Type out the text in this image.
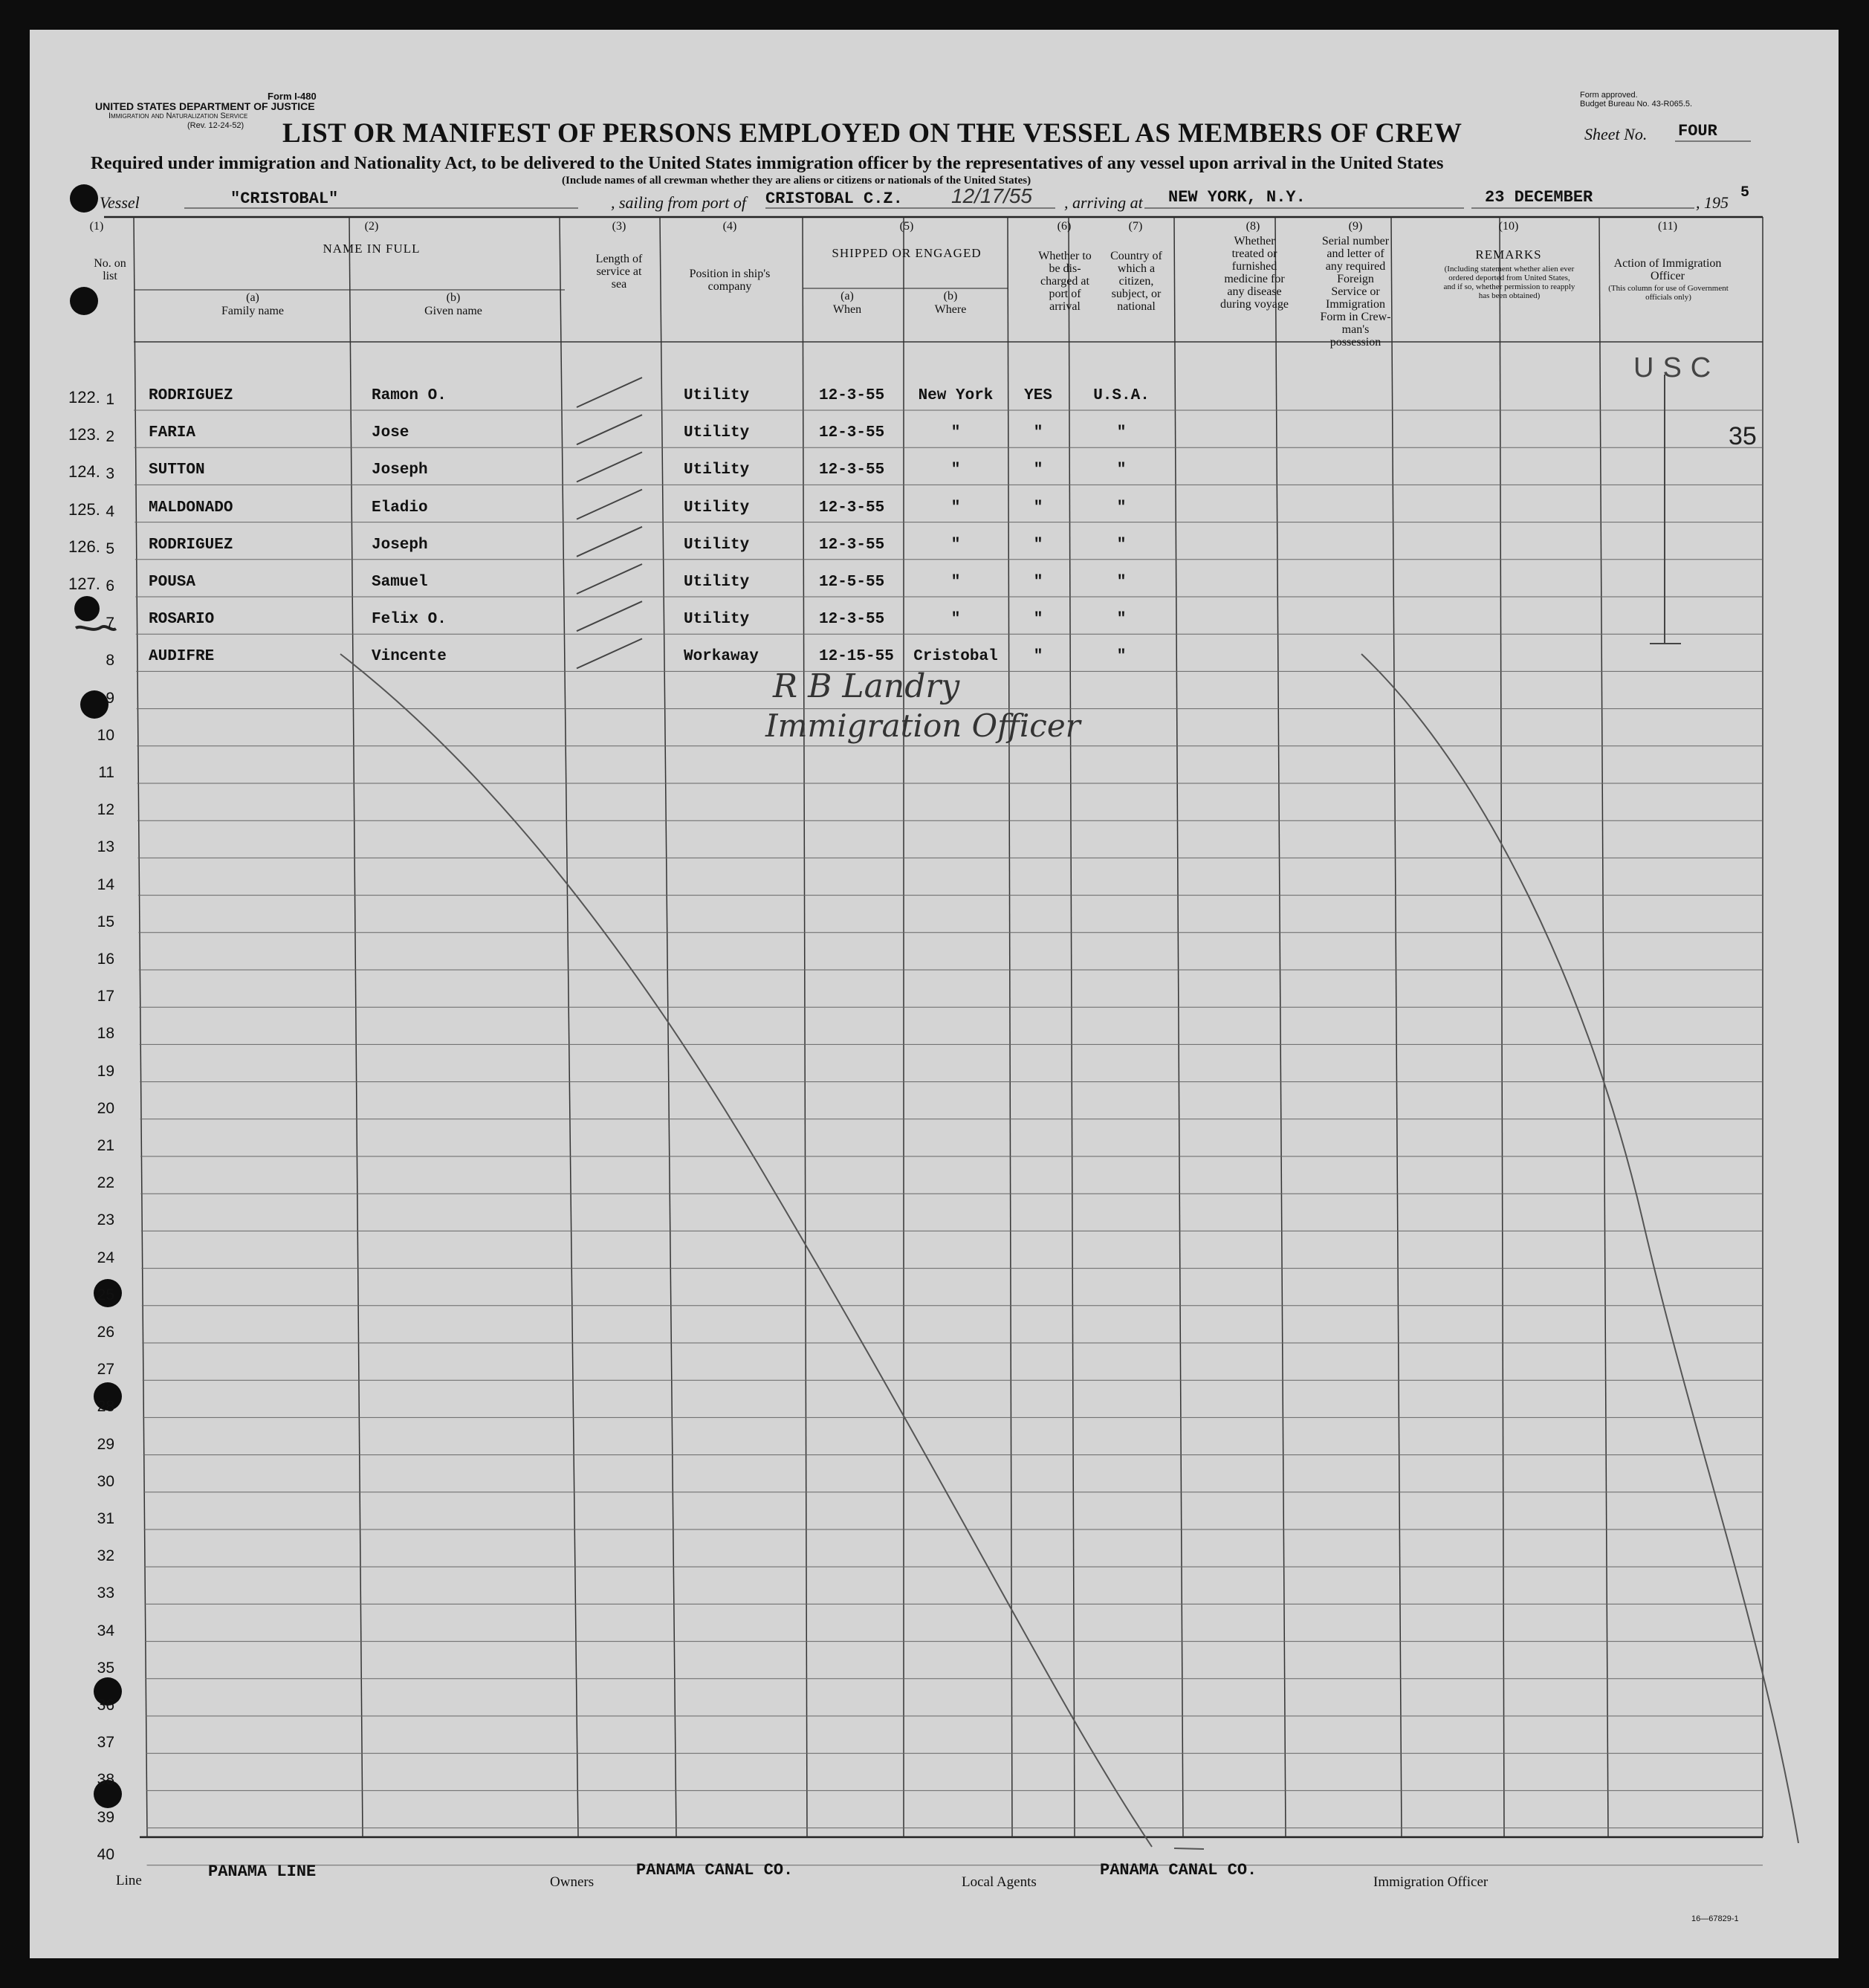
Form I-480
UNITED STATES DEPARTMENT OF JUSTICE
Immigration and Naturalization Service
(Rev. 12-24-52)
Form approved.
Budget Bureau No. 43-R065.5.
LIST OR MANIFEST OF PERSONS EMPLOYED ON THE VESSEL AS MEMBERS OF CREW	Sheet No. FOUR
Required under immigration and Nationality Act, to be delivered to the United States immigration officer by the representatives of any vessel upon arrival in the United States
(Include names of all crewman whether they are aliens or citizens or nationals of the United States)
Vessel	"CRISTOBAL"	, sailing from port of CRISTOBAL C.Z. 12/17/55 , arriving at NEW YORK, N.Y.	23 DECEMBER	, 195
5
(1)
No. on list
(2)
NAME IN FULL
(a)
Family name
(b)
Given name
(3)
Length of service at sea
(4)
Position in ship's company
(5)
SHIPPED OR ENGAGED
(a)
When
(b)
Where
(6)
Whether to be dis-charged at port of arrival
(7)
Country of which a citizen, subject, or national
(8)
Whether treated or furnished medicine for any disease during voyage
(9)
Serial number and letter of any required Foreign Service or Immigration Form in Crew-man's possession
(10)
REMARKS
(Including statement whether alien ever ordered deported from United States, and if so, whether permission to reapply has been obtained)
(11)
Action of Immigration Officer
(This column for use of Government officials only)
122. 1 RODRIGUEZ	Ramon O.	Utility	12-3-55	New York	YES	U.S.A.
123. 2 FARIA	Jose	Utility	12-3-55	"	"	"
124. 3 SUTTON	Joseph	Utility	12-3-55	"	"	"
125. 4 MALDONADO	Eladio	Utility	12-3-55	"	"	"
126. 5 RODRIGUEZ	Joseph	Utility	12-3-55	"	"	"
127. 6 POUSA	Samuel	Utility	12-5-55	"	"	"
7 ROSARIO	Felix O.	Utility	12-3-55	"	"	"
8 AUDIFRE	Vincente	Workaway	12-15-55	Cristobal	"	"
9
10
11
12
13
14
15
16
17
18
19
20
21
22
23
24
25
26
27
28
29
30
31
32
33
34
35
36
37
38
39
40
USC
35
R B Landry
Immigration Officer
Line	PANAMA LINE
Owners
PANAMA CANAL CO.
Local Agents
PANAMA CANAL CO.
Immigration Officer
16—67829-1
